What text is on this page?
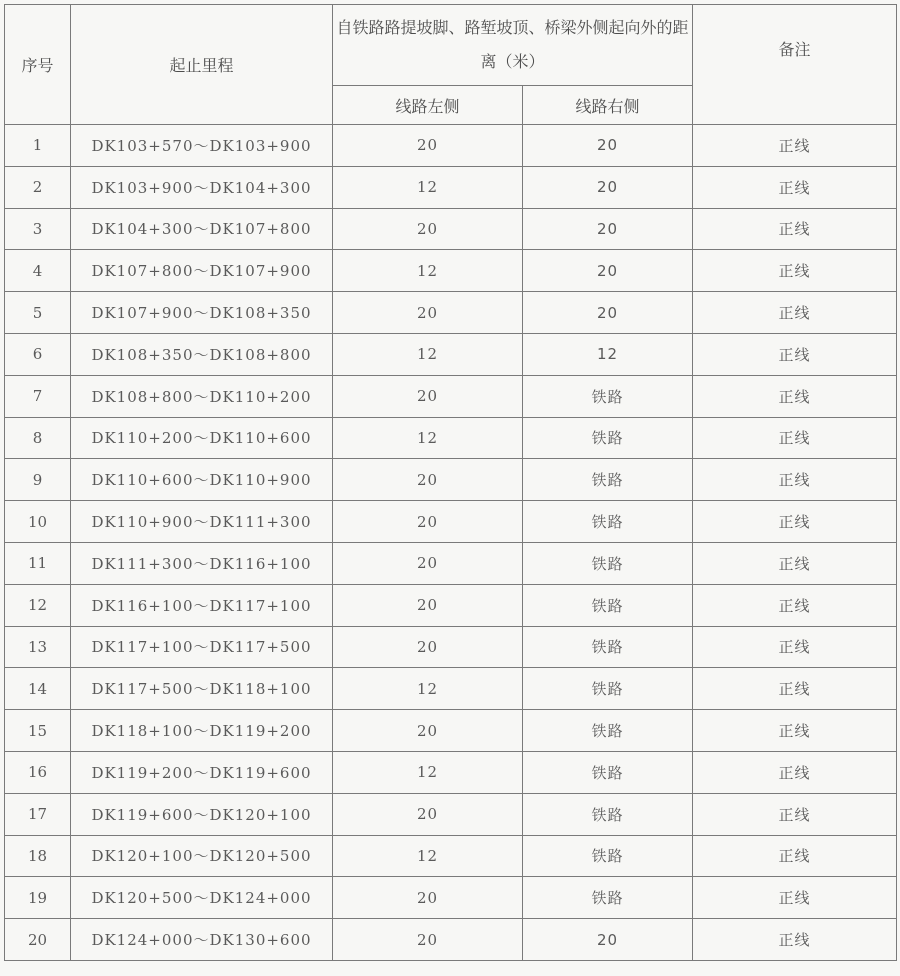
序号	起止里程	自铁路路提坡脚、路堑坡顶、桥梁外侧起向外的距离（米）		备注
		线路左侧	线路右侧	
1	DK103+570～DK103+900	20	20	正线
2	DK103+900～DK104+300	12	20	正线
3	DK104+300～DK107+800	20	20	正线
4	DK107+800～DK107+900	12	20	正线
5	DK107+900～DK108+350	20	20	正线
6	DK108+350～DK108+800	12	12	正线
7	DK108+800～DK110+200	20	铁路	正线
8	DK110+200～DK110+600	12	铁路	正线
9	DK110+600～DK110+900	20	铁路	正线
10	DK110+900～DK111+300	20	铁路	正线
11	DK111+300～DK116+100	20	铁路	正线
12	DK116+100～DK117+100	20	铁路	正线
13	DK117+100～DK117+500	20	铁路	正线
14	DK117+500～DK118+100	12	铁路	正线
15	DK118+100～DK119+200	20	铁路	正线
16	DK119+200～DK119+600	12	铁路	正线
17	DK119+600～DK120+100	20	铁路	正线
18	DK120+100～DK120+500	12	铁路	正线
19	DK120+500～DK124+000	20	铁路	正线
20	DK124+000～DK130+600	20	20	正线
